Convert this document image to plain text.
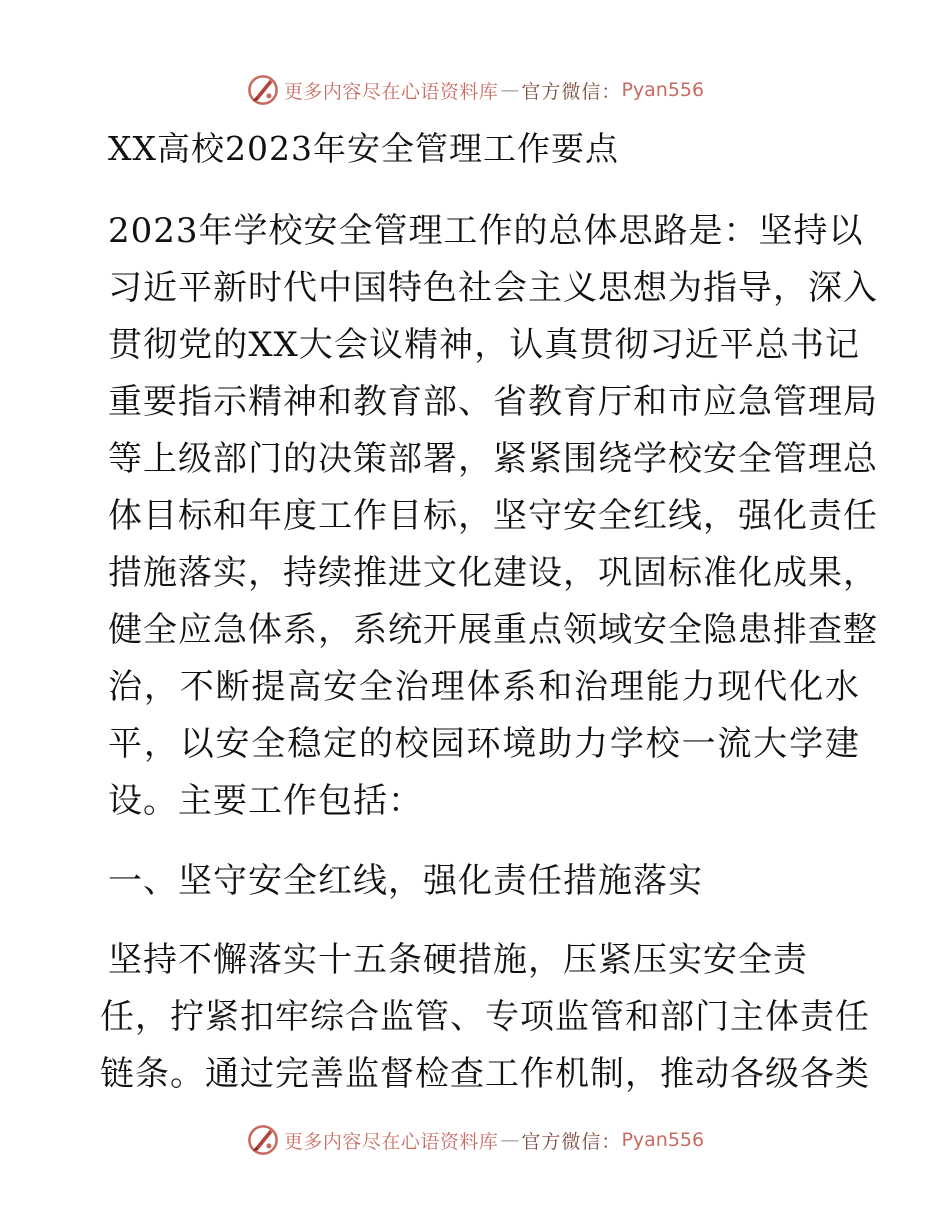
更多内容尽在心语资料库 — 官方微信： Pyan556
XX高校2023年安全管理工作要点

2023年学校安全管理工作的总体思路是：坚持以
习近平新时代中国特色社会主义思想为指导，深入
贯彻党的XX大会议精神，认真贯彻习近平总书记
重要指示精神和教育部、省教育厅和市应急管理局
等上级部门的决策部署，紧紧围绕学校安全管理总
体目标和年度工作目标，坚守安全红线，强化责任
措施落实，持续推进文化建设，巩固标准化成果，
健全应急体系，系统开展重点领域安全隐患排查整
治，不断提高安全治理体系和治理能力现代化水
平，以安全稳定的校园环境助力学校一流大学建
设。主要工作包括：

一、坚守安全红线，强化责任措施落实

坚持不懈落实十五条硬措施，压紧压实安全责
任，拧紧扣牢综合监管、专项监管和部门主体责任
链条。通过完善监督检查工作机制，推动各级各类

更多内容尽在心语资料库 — 官方微信： Pyan556
